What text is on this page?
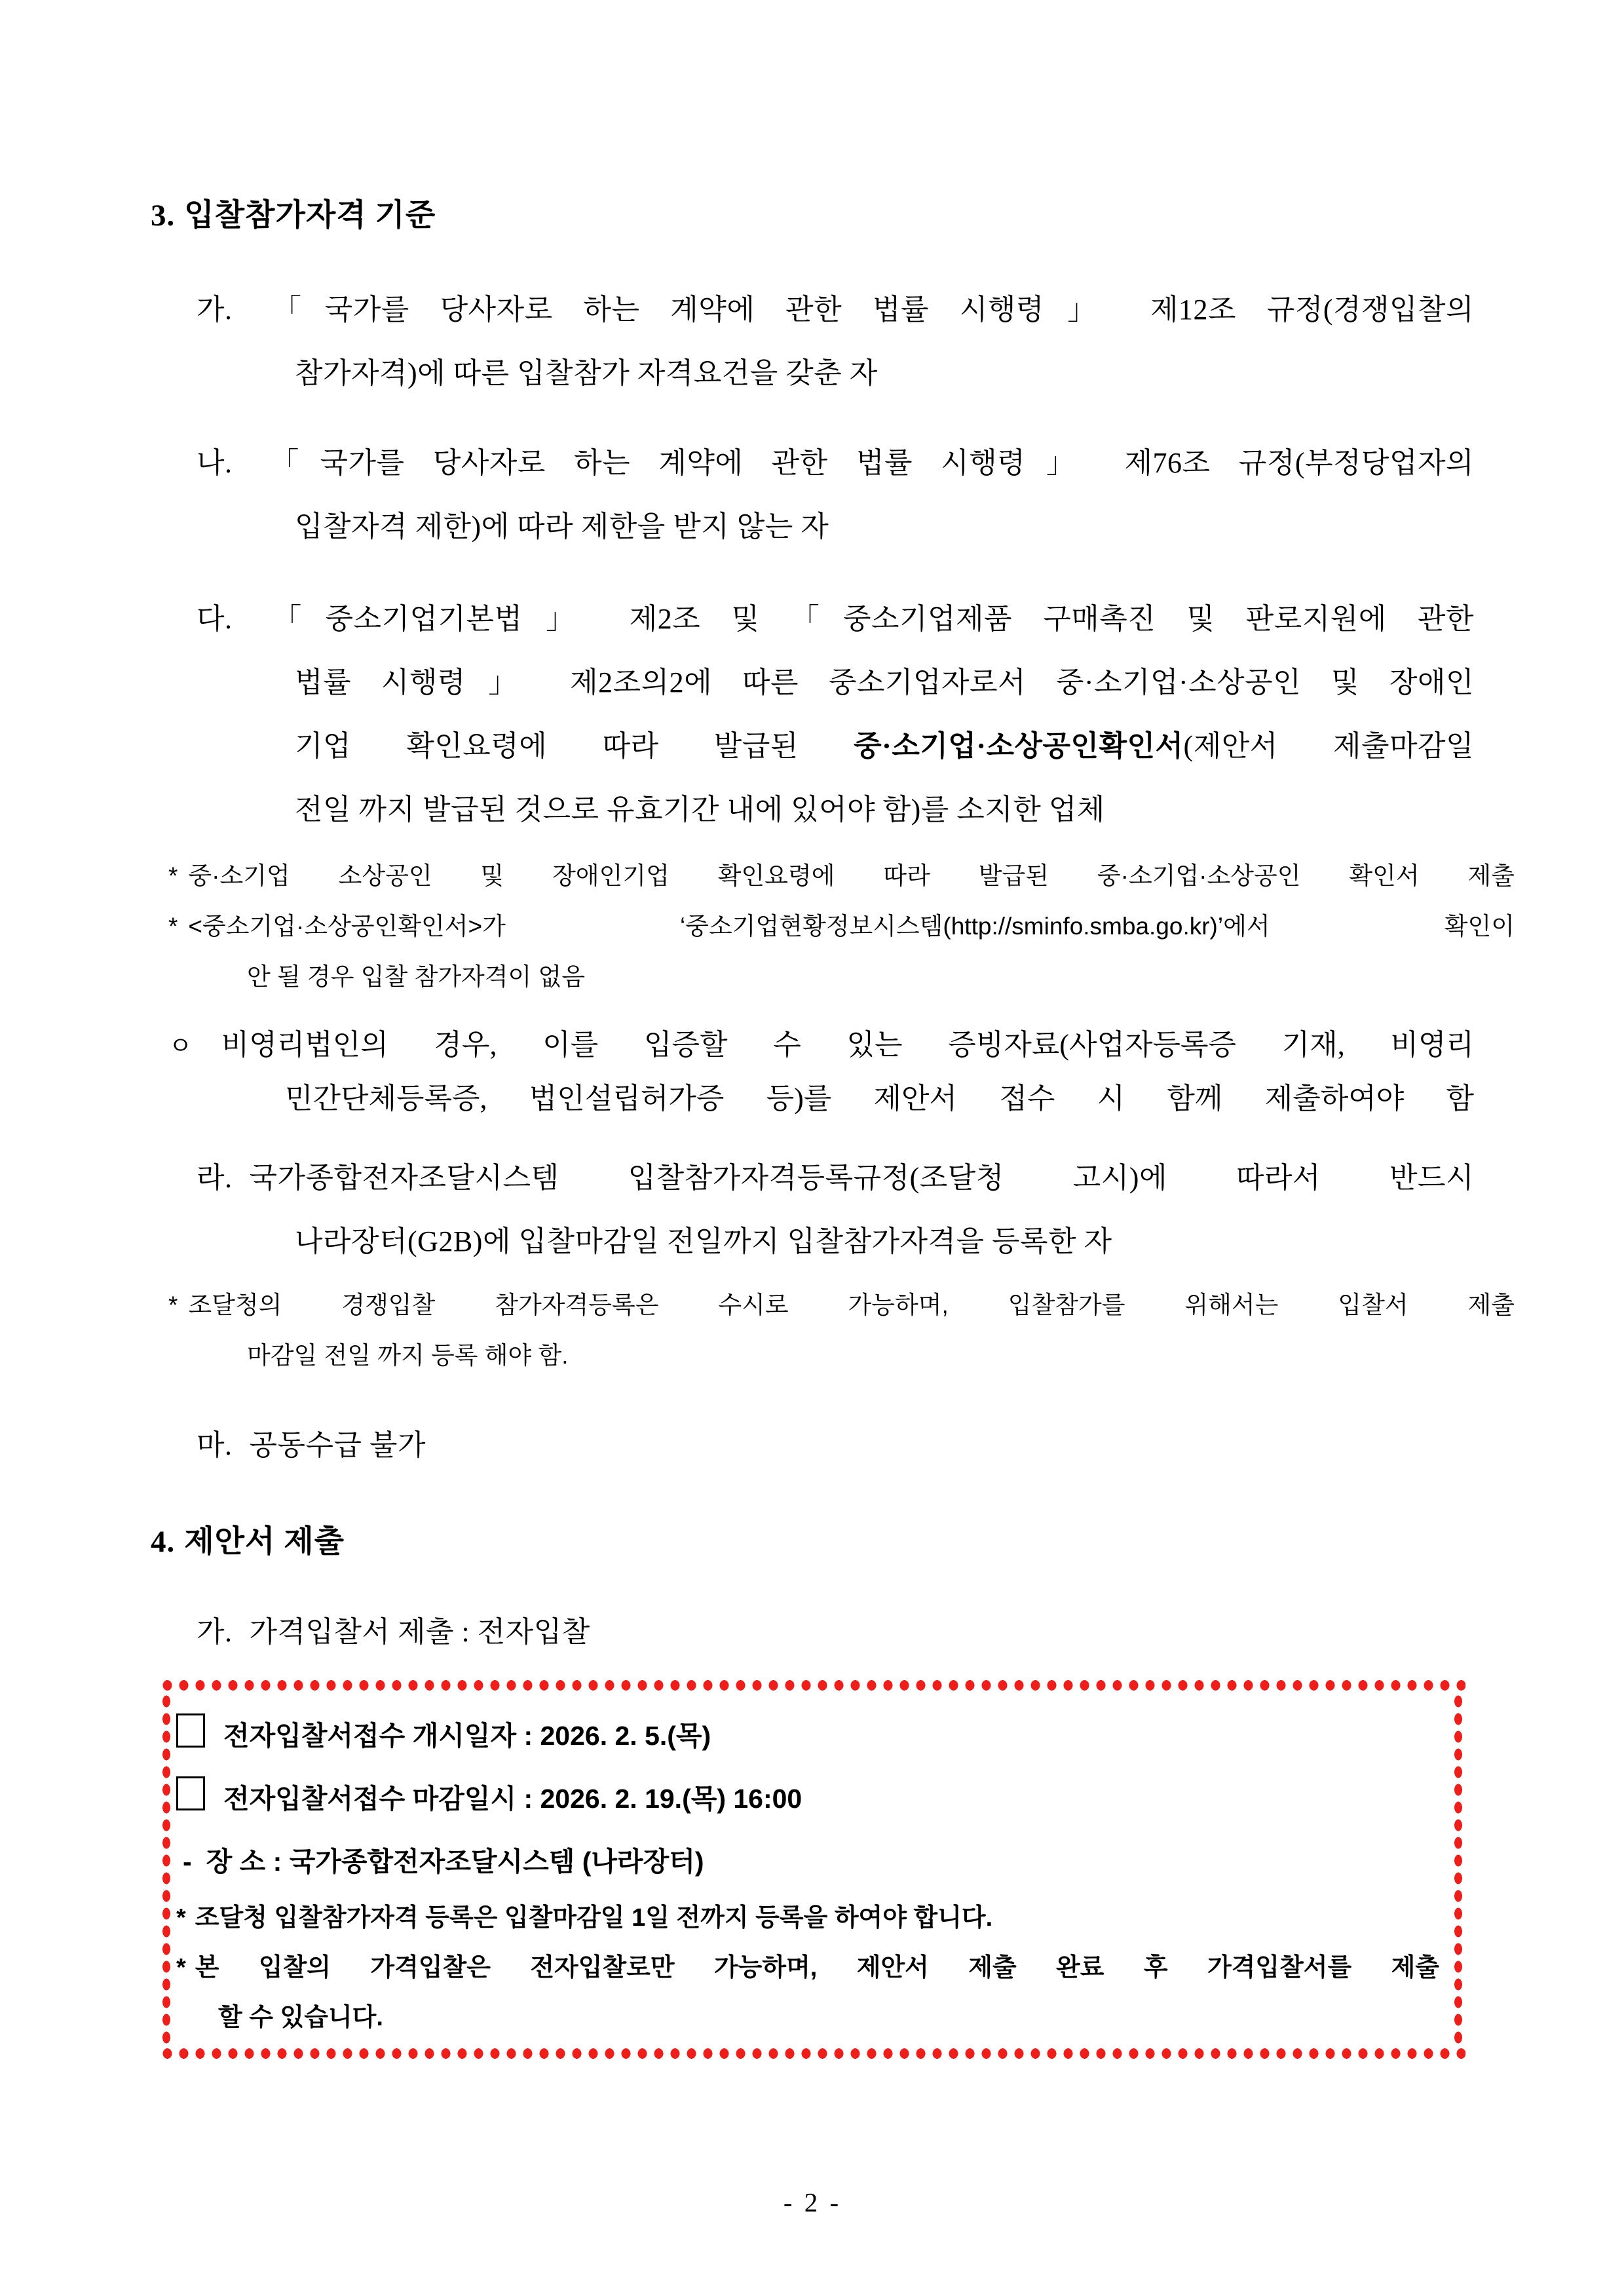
3. 입찰참가자격 기준
가. 「국가를 당사자로 하는 계약에 관한 법률 시행령」 제12조 규정(경쟁입찰의
참가자격)에 따른 입찰참가 자격요건을 갖춘 자
나. 「국가를 당사자로 하는 계약에 관한 법률 시행령」 제76조 규정(부정당업자의
입찰자격 제한)에 따라 제한을 받지 않는 자
다. 「중소기업기본법」 제2조 및 「중소기업제품 구매촉진 및 판로지원에 관한
법률 시행령」 제2조의2에 따른 중소기업자로서 중·소기업·소상공인 및 장애인
기업 확인요령에 따라 발급된 중·소기업·소상공인확인서(제안서 제출마감일
전일 까지 발급된 것으로 유효기간 내에 있어야 함)를 소지한 업체
* 중·소기업 소상공인 및 장애인기업 확인요령에 따라 발급된 중·소기업·소상공인 확인서 제출
* <중소기업·소상공인확인서>가 ‘중소기업현황정보시스템(http://sminfo.smba.go.kr)’에서 확인이
안 될 경우 입찰 참가자격이 없음
ㅇ 비영리법인의 경우, 이를 입증할 수 있는 증빙자료(사업자등록증 기재, 비영리
민간단체등록증, 법인설립허가증 등)를 제안서 접수 시 함께 제출하여야 함
라. 국가종합전자조달시스템 입찰참가자격등록규정(조달청 고시)에 따라서 반드시
나라장터(G2B)에 입찰마감일 전일까지 입찰참가자격을 등록한 자
* 조달청의 경쟁입찰 참가자격등록은 수시로 가능하며, 입찰참가를 위해서는 입찰서 제출
마감일 전일 까지 등록 해야 함.
마. 공동수급 불가
4. 제안서 제출
가. 가격입찰서 제출 : 전자입찰
전자입찰서접수 개시일자 : 2026. 2. 5.(목)
전자입찰서접수 마감일시 : 2026. 2. 19.(목) 16:00
- 장 소 : 국가종합전자조달시스템 (나라장터)
* 조달청 입찰참가자격 등록은 입찰마감일 1일 전까지 등록을 하여야 합니다.
* 본 입찰의 가격입찰은 전자입찰로만 가능하며, 제안서 제출 완료 후 가격입찰서를 제출
할 수 있습니다.
- 2 -
